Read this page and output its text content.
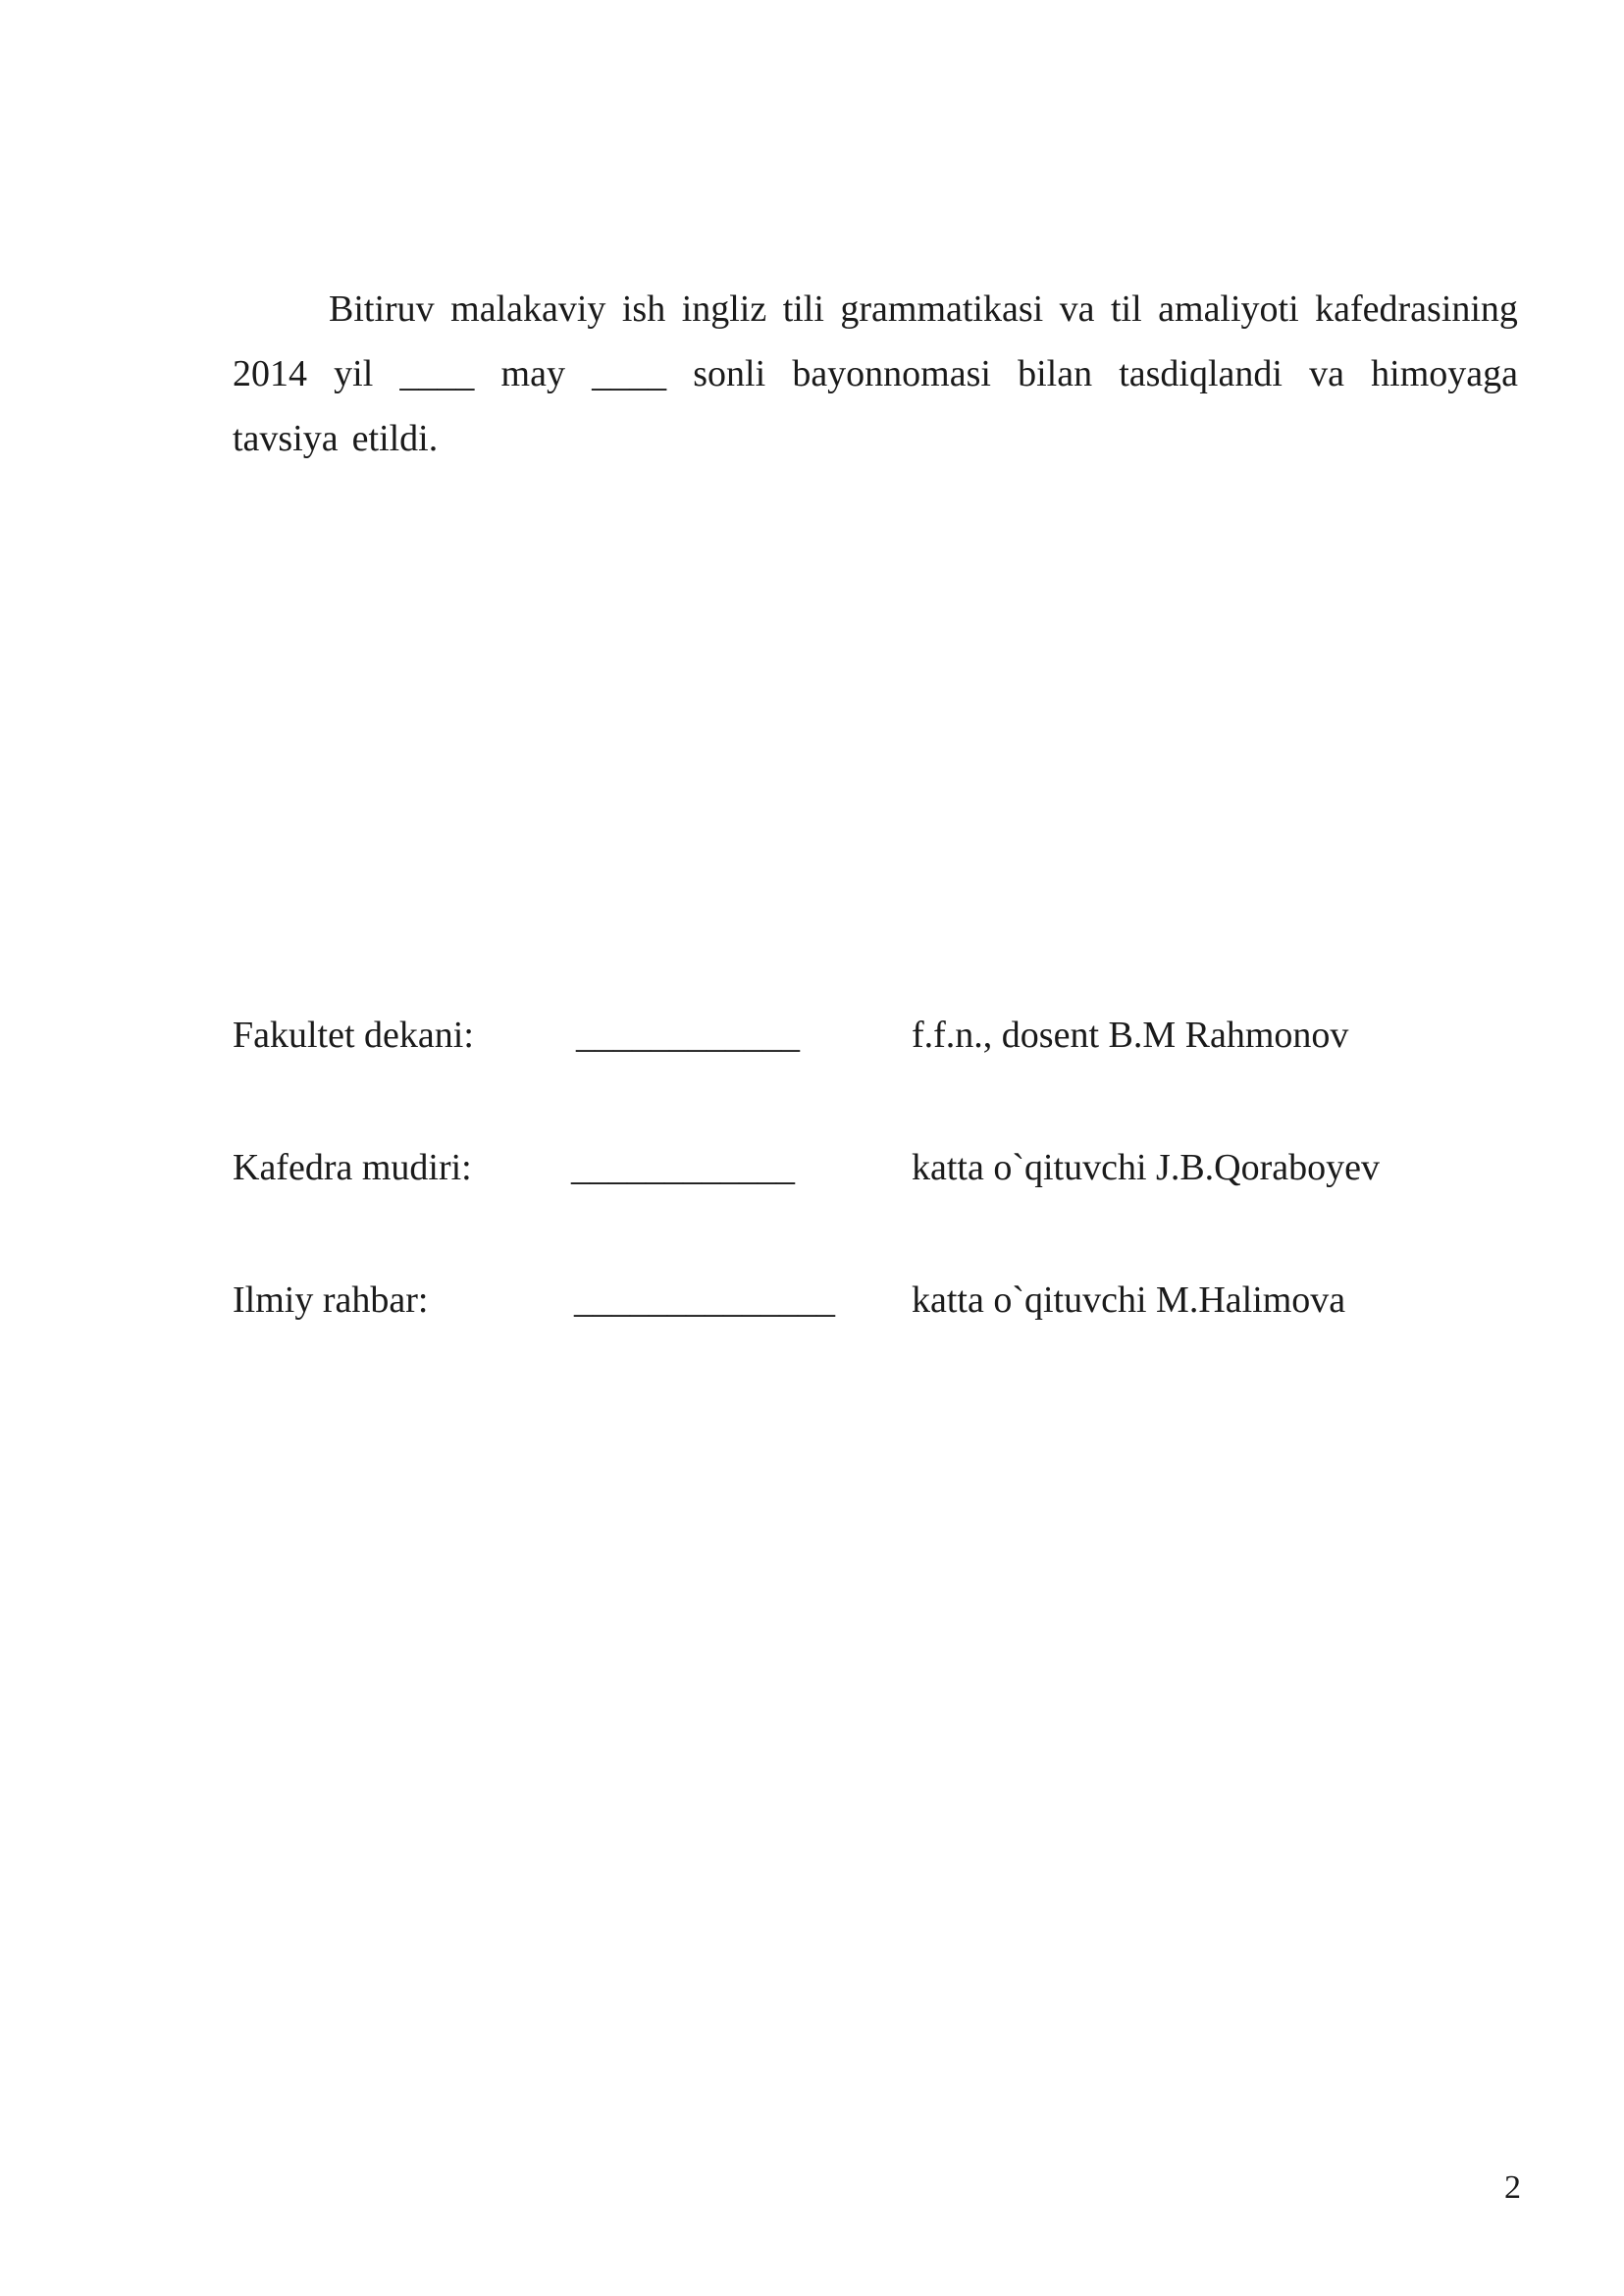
Bitiruv malakaviy ish ingliz tili grammatikasi va til amaliyoti kafedrasining
2014 yil ____ may ____ sonli bayonnomasi bilan tasdiqlandi va himoyaga
tavsiya etildi.
Fakultet dekani:	____________	f.f.n., dosent B.M Rahmonov
Kafedra mudiri:	____________	katta o`qituvchi J.B.Qoraboyev
Ilmiy rahbar:	______________ katta o`qituvchi M.Halimova
2
